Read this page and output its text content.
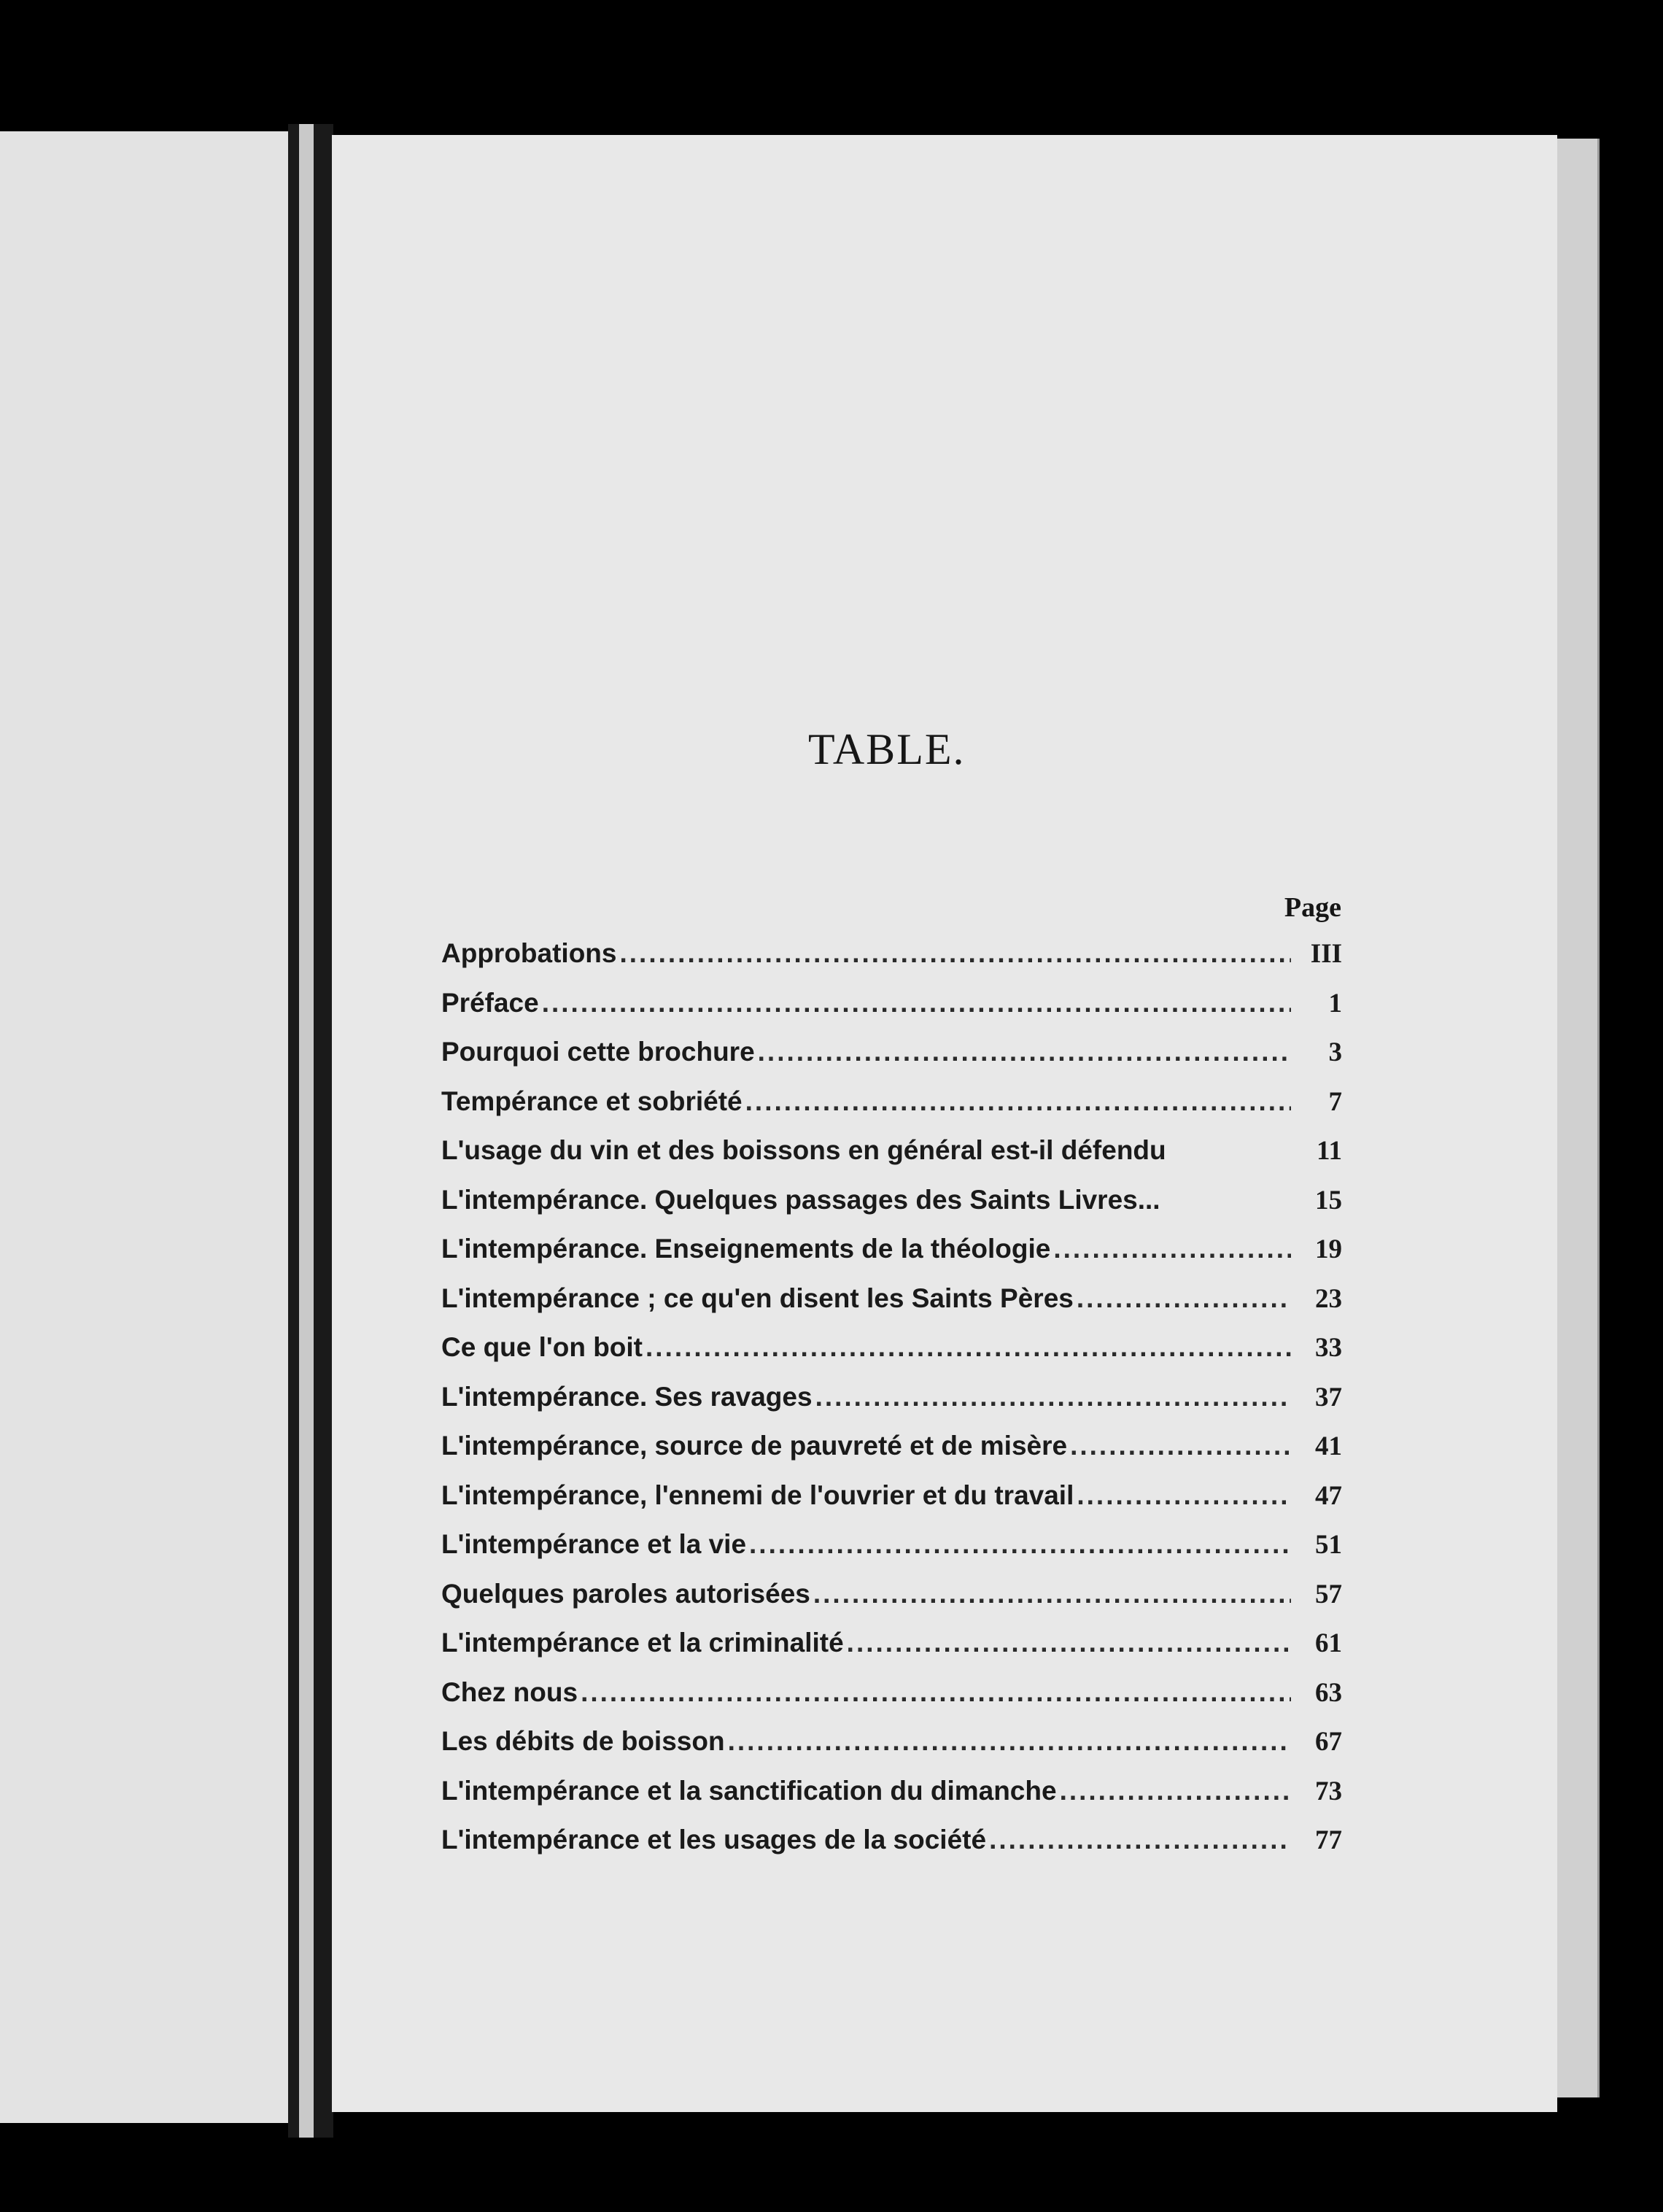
TABLE.
Page
Approbations .....	III
Préface .....	1
Pourquoi cette brochure .....	3
Tempérance et sobriété .....	7
L'usage du vin et des boissons en général est-il défendu	11
L'intempérance. Quelques passages des Saints Livres...	15
L'intempérance. Enseignements de la théologie .....	19
L'intempérance ; ce qu'en disent les Saints Pères .....	23
Ce que l'on boit .....	33
L'intempérance. Ses ravages .....	37
L'intempérance, source de pauvreté et de misère .....	41
L'intempérance, l'ennemi de l'ouvrier et du travail .....	47
L'intempérance et la vie .....	51
Quelques paroles autorisées .....	57
L'intempérance et la criminalité .....	61
Chez nous .....	63
Les débits de boisson .....	67
L'intempérance et la sanctification du dimanche .....	73
L'intempérance et les usages de la société .....	77
